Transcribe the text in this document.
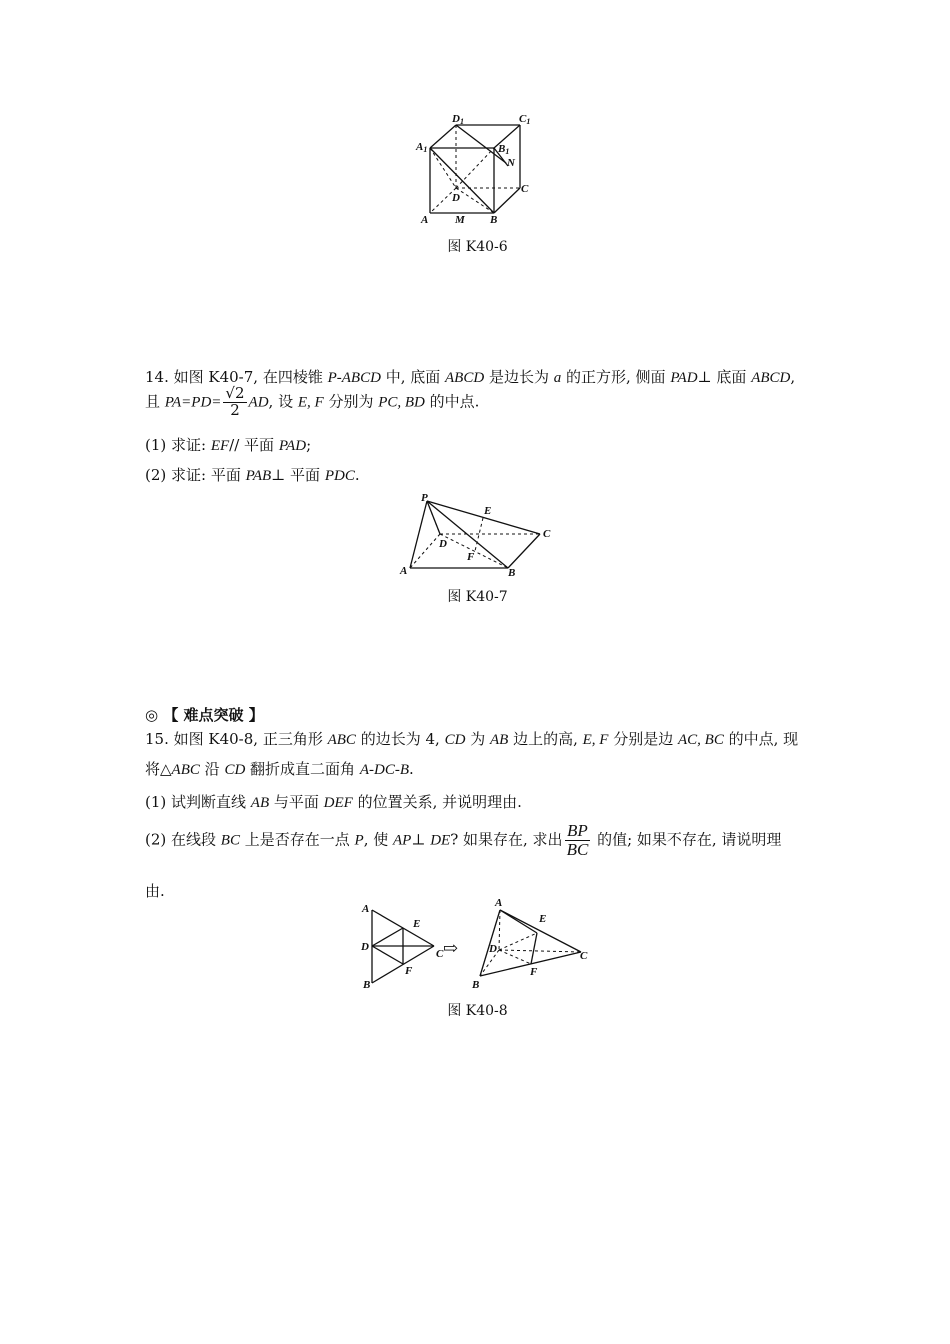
D1	C1
A1	B1
N
C
D
A M B
图 K40-6
14. 如图 K40-7, 在四棱锥 P-ABCD 中, 底面 ABCD 是边长为 a 的正方形, 侧面 PAD⊥ 底面 ABCD,
且 $PA=PD= \frac{√2}{2}$ AD, 设 E, F 分别为 PC, BD 的中点.
(1) 求证: EF// 平面 PAD;
(2) 求证: 平面 PAB⊥ 平面 PDC.
P
E
C
D
F
A	B
图 K40-7
◎ 【 难点突破 】
15. 如图 K40-8, 正三角形 ABC 的边长为 4, CD 为 AB 边上的高, E, F 分别是边 AC, BC 的中点, 现
将△ABC 沿 CD 翻折成直二面角 A-DC-B.
(1) 试判断直线 AB 与平面 DEF 的位置关系, 并说明理由.
(2) 在线段 BC 上是否存在一点 P, 使 AP⊥ DE? 如果存在, 求出 $\frac{BP}{BC}$ 的值; 如果不存在, 请说明理
由.
A
E
D
C
F
B
⇨
A
E
D
C
F
B
图 K40-8
